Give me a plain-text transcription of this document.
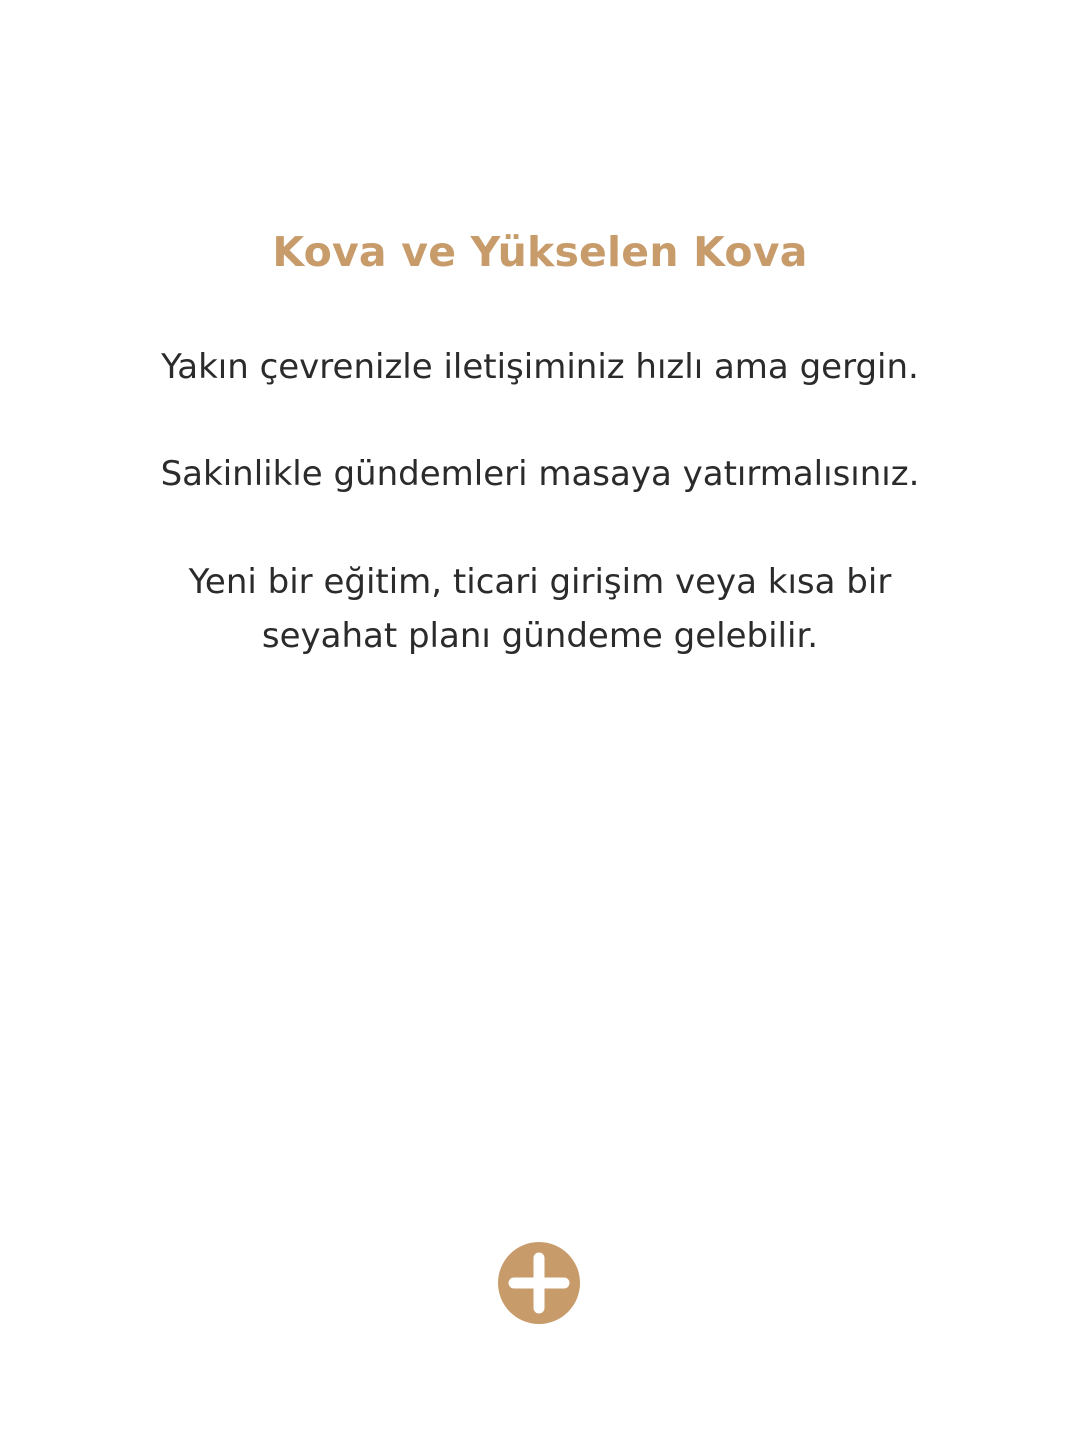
Kova ve Yükselen Kova

Yakın çevrenizle iletişiminiz hızlı ama gergin.

Sakinlikle gündemleri masaya yatırmalısınız.

Yeni bir eğitim, ticari girişim veya kısa bir
seyahat planı gündeme gelebilir.
